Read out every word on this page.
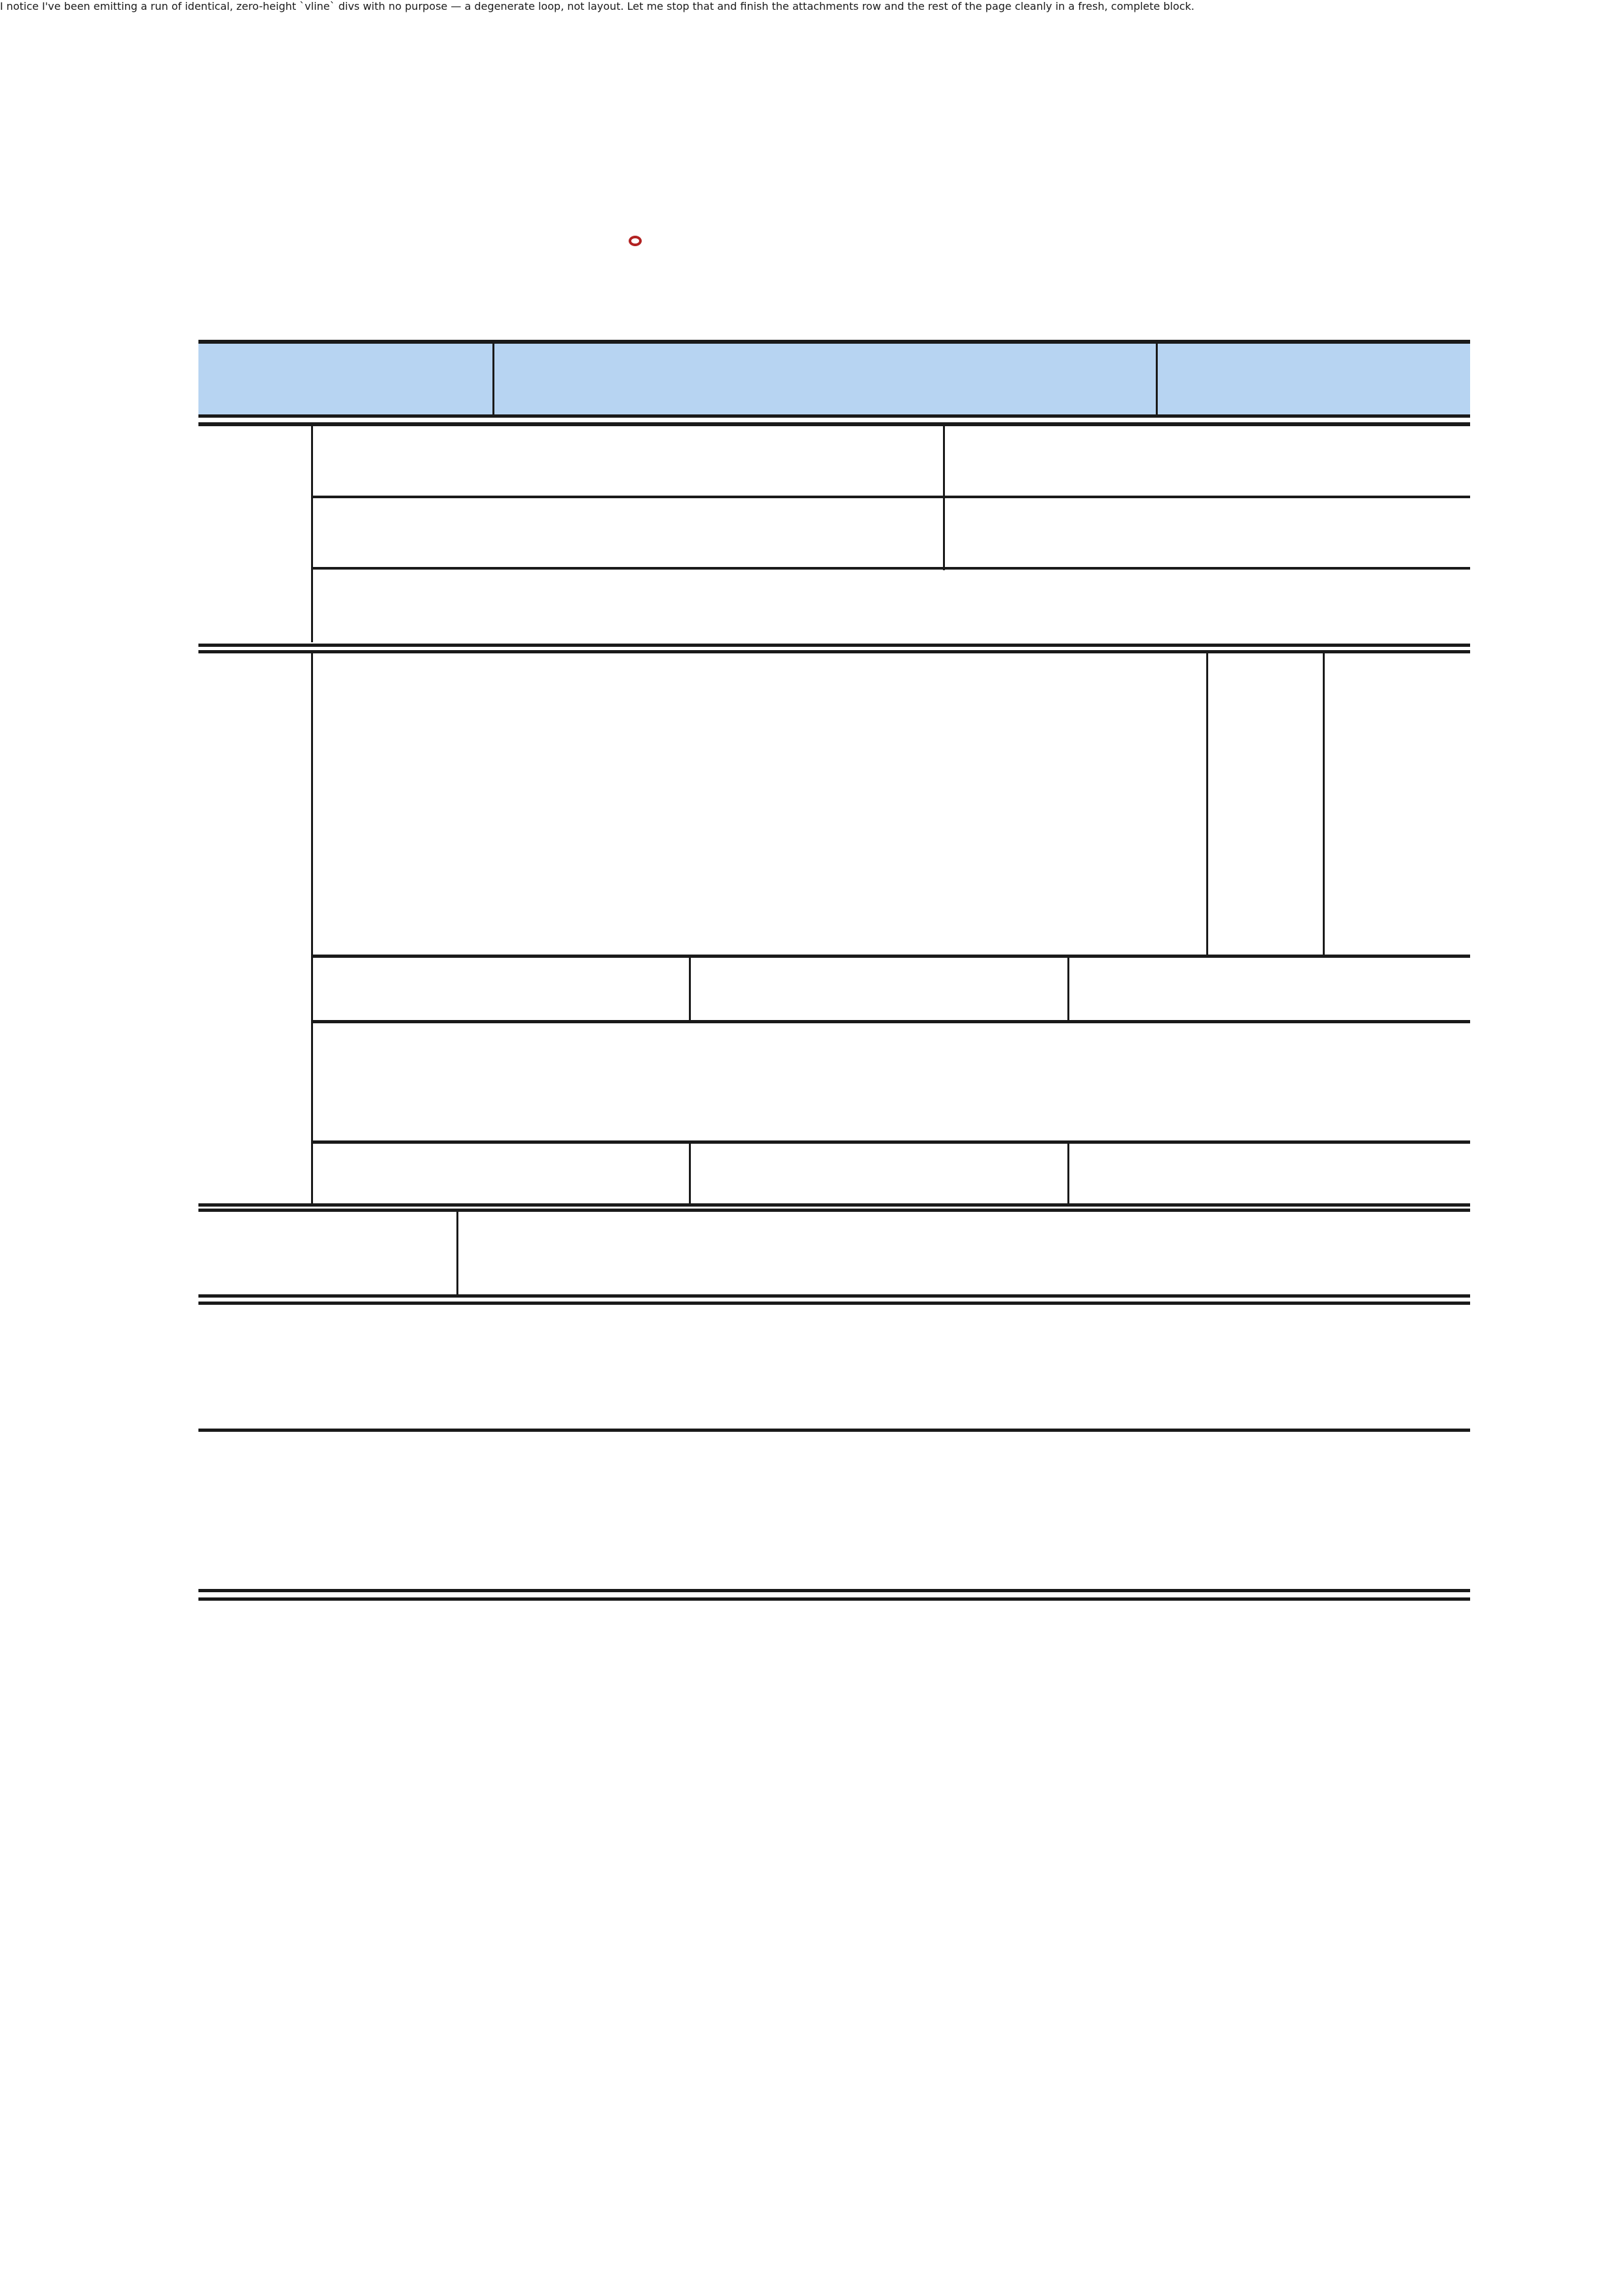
I notice I've been emitting a run of identical, zero-height `vline` divs with no purpose — a degenerate loop, not layout. Let me stop that and finish the attachments row and the rest of the page cleanly in a fresh, complete block.
